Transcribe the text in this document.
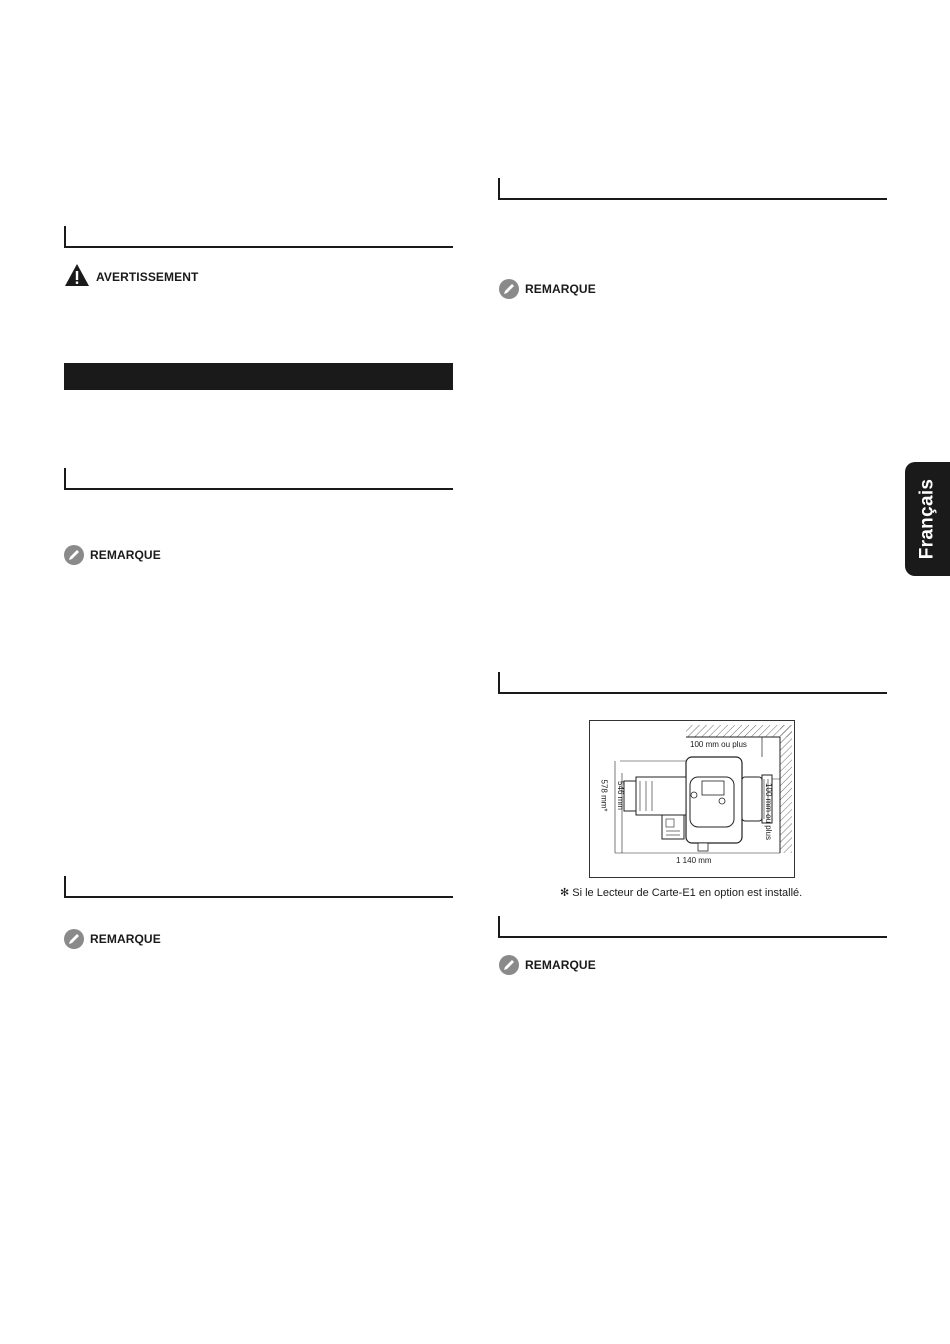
AVERTISSEMENT
REMARQUE
REMARQUE
REMARQUE
100 mm ou plus
100 mm ou plus
1 140 mm
546 mm
578 mm*
✻ Si le Lecteur de Carte-E1 en option est installé.
REMARQUE
Français
